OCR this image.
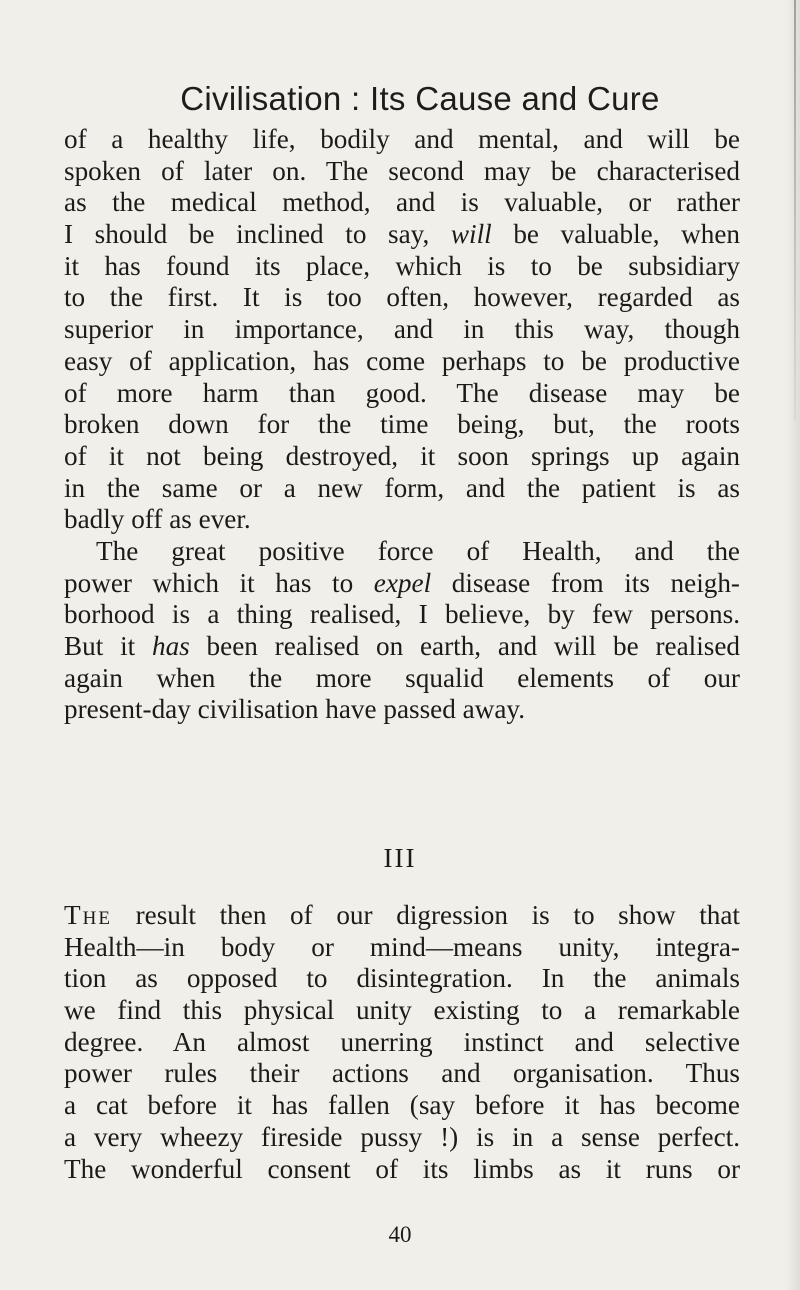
Civilisation : Its Cause and Cure
of a healthy life, bodily and mental, and will be
spoken of later on. The second may be characterised
as the medical method, and is valuable, or rather
I should be inclined to say, will be valuable, when
it has found its place, which is to be subsidiary
to the first. It is too often, however, regarded as
superior in importance, and in this way, though
easy of application, has come perhaps to be productive
of more harm than good. The disease may be
broken down for the time being, but, the roots
of it not being destroyed, it soon springs up again
in the same or a new form, and the patient is as
badly off as ever.
The great positive force of Health, and the
power which it has to expel disease from its neigh-
borhood is a thing realised, I believe, by few persons.
But it has been realised on earth, and will be realised
again when the more squalid elements of our
present-day civilisation have passed away.
III
The result then of our digression is to show that
Health—in body or mind—means unity, integra-
tion as opposed to disintegration. In the animals
we find this physical unity existing to a remarkable
degree. An almost unerring instinct and selective
power rules their actions and organisation. Thus
a cat before it has fallen (say before it has become
a very wheezy fireside pussy !) is in a sense perfect.
The wonderful consent of its limbs as it runs or
40
